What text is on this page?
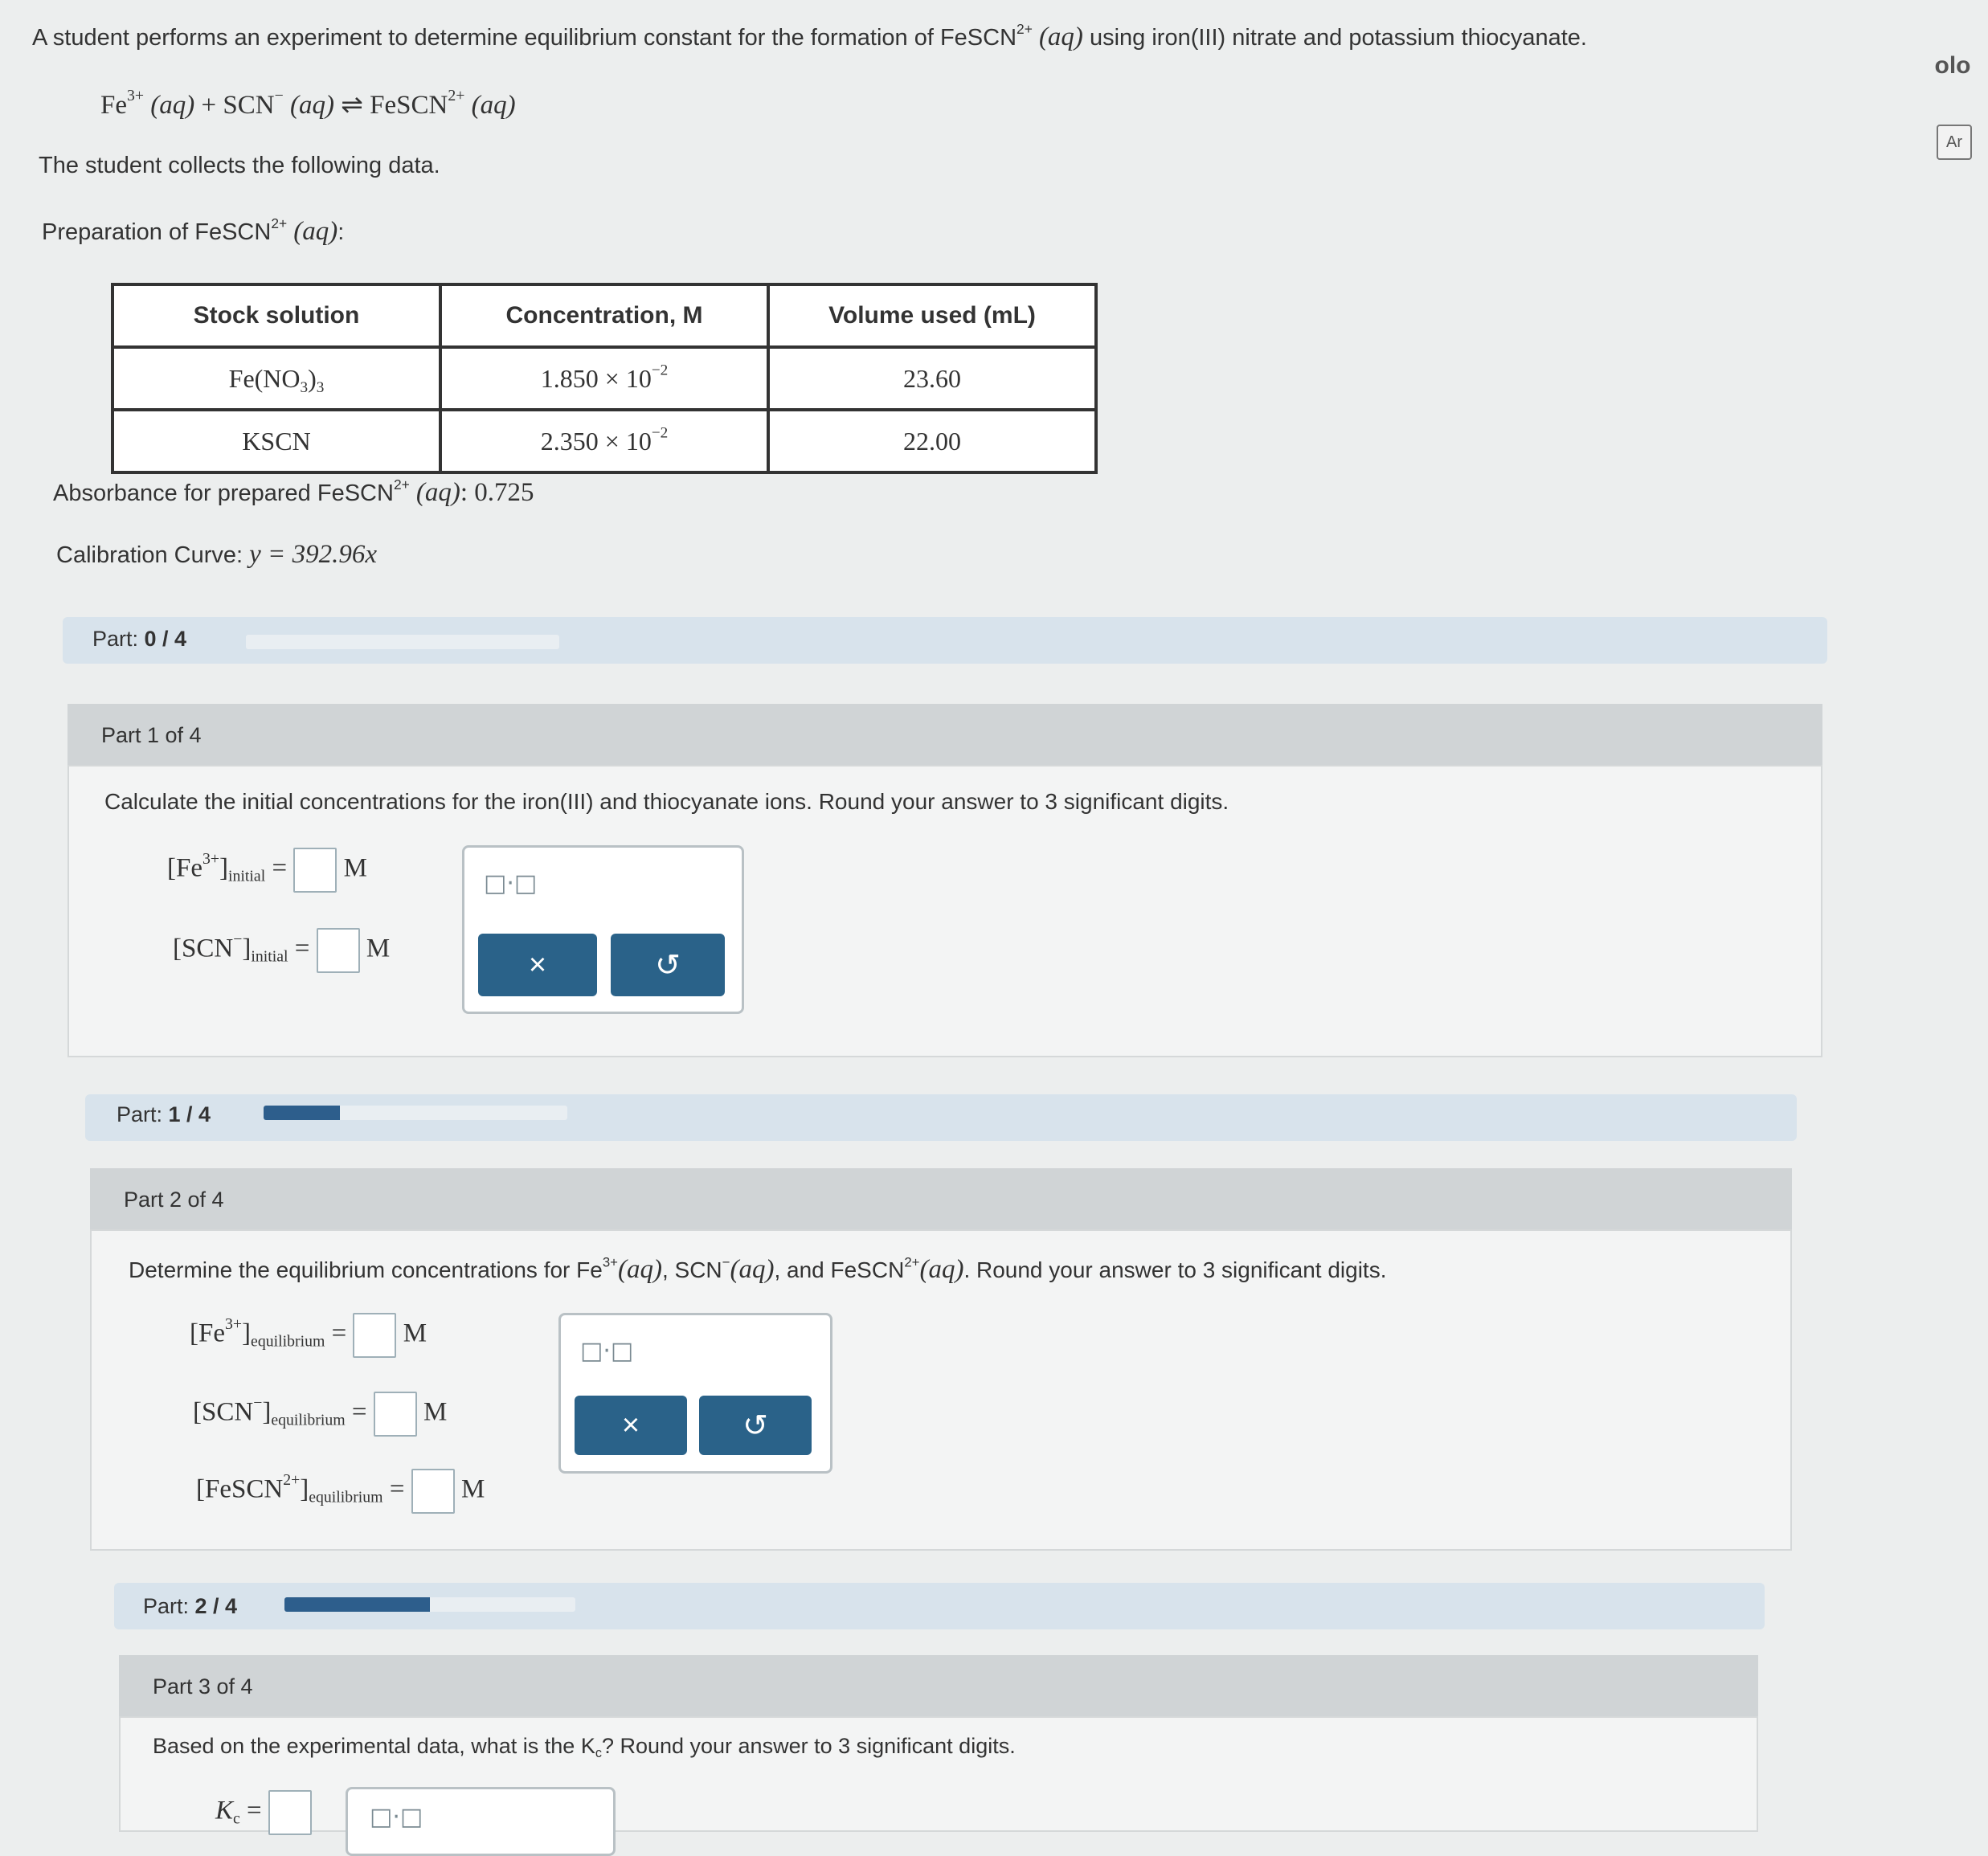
olo
Ar
A student performs an experiment to determine equilibrium constant for the formation of FeSCN$^{2+}$ (aq) using iron(III) nitrate and potassium thiocyanate.
$Fe^{3+}$ (aq) + SCN− (aq) ⇌ FeSCN$^{2+}$ (aq)
The student collects the following data.
Preparation of FeSCN$^{2+}$ (aq):
Stock solution	Concentration, M	Volume used (mL)
$Fe(NO_3)_3$	$1.850 \times 10^{-2}$	23.60
KSCN	$2.350 \times 10^{-2}$	22.00
Absorbance for prepared FeSCN$^{2+}$ (aq): 0.725
Calibration Curve: y = 392.96x
Part: 0 / 4
Part 1 of 4
Calculate the initial concentrations for the iron(III) and thiocyanate ions. Round your answer to 3 significant digits.
$[Fe^{3+}]_{initial} = M$
$[SCN^-]_{initial} = M$
□·□
×	↺
Part: 1 / 4
Part 2 of 4
Determine the equilibrium concentrations for $Fe^{3+}(aq)$, SCN−(aq), and FeSCN$^{2+}$(aq). Round your answer to 3 significant digits.
$[Fe^{3+}]_{equilibrium} = M$
$[SCN^-]_{equilibrium} = M$
$[FeSCN^{2+}]_{equilibrium} = M$
□·□
×	↺
Part: 2 / 4
Part 3 of 4
Based on the experimental data, what is the $K_c$? Round your answer to 3 significant digits.
$K_c$ =	□·□
